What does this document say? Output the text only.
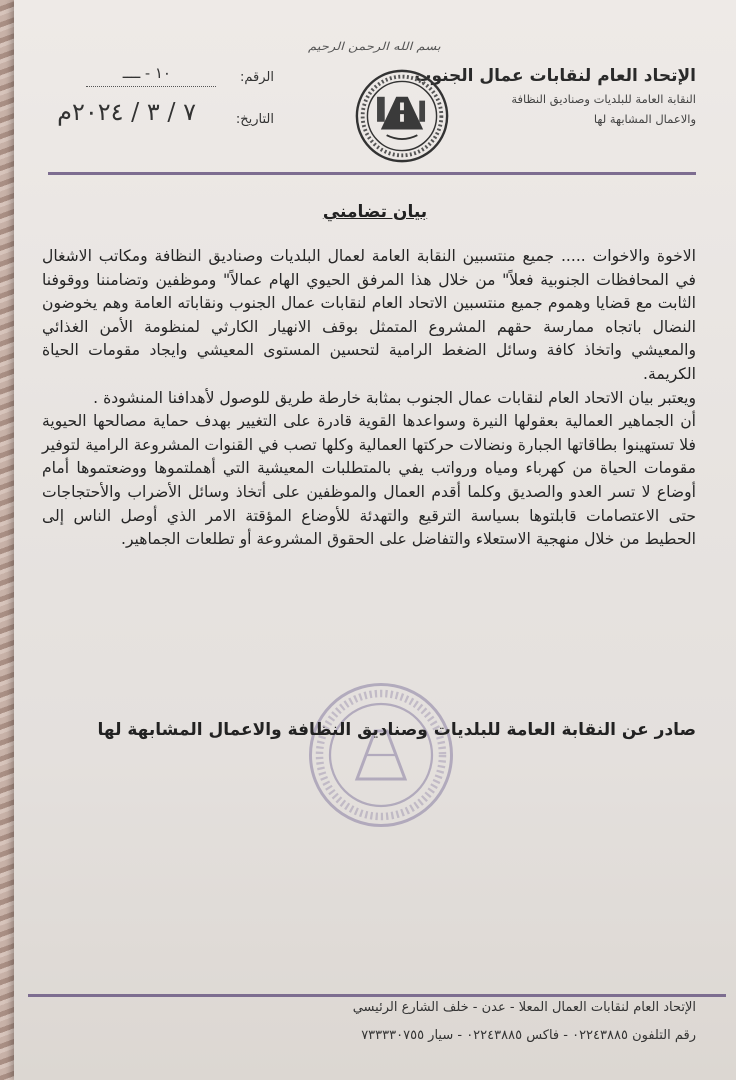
الإتحاد العام لنقابات عمال الجنوب
النقابة العامة للبلديات وصناديق النظافة
والاعمال المشابهة لها
بسم الله الرحمن الرحيم
الرقم:
١٠ - ــــ
التاريخ:
٧ / ٣ / ٢٠٢٤م
بيان تضامني

الاخوة والاخوات ..... جميع منتسبين النقابة العامة لعمال البلديات وصناديق النظافة ومكاتب الاشغال في المحافظات الجنوبية فعلاً" من خلال هذا المرفق الحيوي الهام عمالاً" وموظفين وتضامننا ووقوفنا الثابت مع قضايا وهموم جميع منتسبين الاتحاد العام لنقابات عمال الجنوب ونقاباته العامة وهم يخوضون النضال باتجاه ممارسة حقهم المشروع المتمثل بوقف الانهيار الكارثي لمنظومة الأمن الغذائي والمعيشي واتخاذ كافة وسائل الضغط الرامية لتحسين المستوى المعيشي وايجاد مقومات الحياة الكريمة.

ويعتبر بيان الاتحاد العام لنقابات عمال الجنوب بمثابة خارطة طريق للوصول لأهدافنا المنشودة .

أن الجماهير العمالية بعقولها النيرة وسواعدها القوية قادرة على التغيير بهدف حماية مصالحها الحيوية فلا تستهينوا بطاقاتها الجبارة ونضالات حركتها العمالية وكلها تصب في القنوات المشروعة الرامية لتوفير مقومات الحياة من كهرباء ومياه ورواتب يفي بالمتطلبات المعيشية التي أهملتموها ووضعتموها أمام أوضاع لا تسر العدو والصديق وكلما أقدم العمال والموظفين على أتخاذ وسائل الأضراب والأحتجاجات حتى الاعتصامات قابلتوها بسياسة الترقيع والتهدئة للأوضاع المؤقتة الامر الذي أوصل الناس إلى الحطيط من خلال منهجية الاستعلاء والتفاضل على الحقوق المشروعة أو تطلعات الجماهير.

صادر عن النقابة العامة للبلديات وصناديق النظافة والاعمال المشابهة لها
الإتحاد العام لنقابات العمال المعلا - عدن - خلف الشارع الرئيسي
رقم التلفون ٠٢٢٤٣٨٨٥ - فاكس ٠٢٢٤٣٨٨٥ - سيار ٧٣٣٣٣٠٧٥٥
